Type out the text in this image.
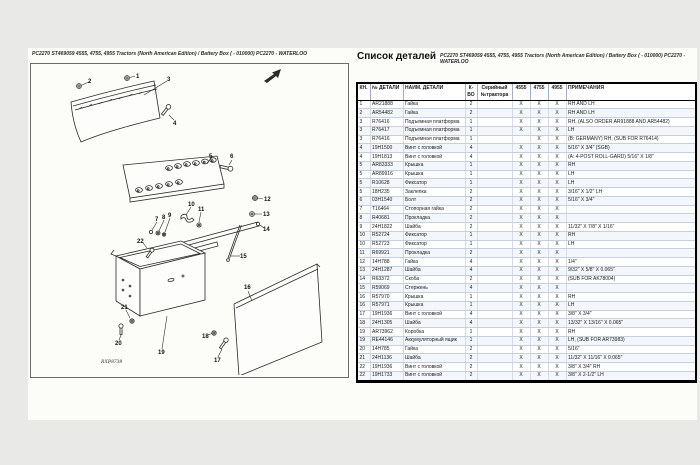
PC2270 ST469059 4555, 4755, 4955 Tractors (North American Edition) / Battery Box ( - 010000) PC2270 - WATERLOO
1
2	3
4
5	6
7 8 9
10
11
12
13
14
15
16
17
18
19
20
21
22
RXP8738
Список деталей PC2270 ST469059 4555, 4755, 4955 Tractors (North American Edition) / Battery Box ( - 010000) PC2270 - WATERLOO
КН.	№ ДЕТАЛИ	НАИМ. ДЕТАЛИ	К-ВО	Серийный №трактора	4555	4755	4955	ПРИМЕЧАНИЯ
1	AR21888	Гайка	2		X	X	X	RH AND LH
2	AR54482	Гайка	2		X	X	X	RH AND LH
3	R76416	Подъемная платформа	1		X	X	X	RH, (ALSO ORDER AR91888 AND AR54482)
3	R76417	Подъемная платформа	1		X	X	X	LH
3	R76416	Подъемная платформа	1			X	X	(B: GERMANY) RH, (SUB FOR R76414)
4	19H1500	Винт с головкой	4		X	X	X	5/16" X 3/4" (SGB)
4	19H1813	Винт с головкой	4		X	X	X	(A: 4-POST ROLL-GARD) 5/16" X 1/8"
5	AR83333	Крышка	1		X	X	X	RH
5	AR89916	Крышка	1		X	X	X	LH
5	R10628	Фиксатор	1		X	X	X	LH
5	18H235	Заклепка	2		X	X	X	3/16" X 1/2" LH
6	03H1540	Болт	2		X	X	X	5/16" X 3/4"
7	T16464	Стопорная гайка	2		X	X	X	
8	R40681	Прокладка	2		X	X	X	
9	24H1822	Шайба	2		X	X	X	11/32" X 7/8" X 1/16"
10	R52724	Фиксатор	1		X	X	X	RH
10	R52723	Фиксатор	1		X	X	X	LH
11	R69921	Прокладка	2		X	X	X	
12	14H788	Гайка	4		X	X	X	1/4"
13	24H1287	Шайба	4		X	X	X	9/32" X 5/8" X 0.065"
14	R63372	Скоба	2		X	X	X	(SUB FOR AK78004)
15	R59069	Стержень	4		X	X	X	
16	R57970	Крышка	1		X	X	X	RH
16	R57971	Крышка	1		X	X	X	LH
17	19H1936	Винт с головкой	4		X	X	X	3/8" X 3/4"
18	24H1305	Шайба	4		X	X	X	13/32" X 13/16" X 0.065"
19	AR73962	Коробка	1		X	X	X	RH
19	RE44146	Аккумуляторный ящик	1		X	X	X	LH, (SUB FOR AR73983)
20	14H785	Гайка	2		X	X	X	5/16"
21	24H1136	Шайба	2		X	X	X	11/32" X 11/16" X 0.065"
22	19H1936	Винт с головкой	2		X	X	X	3/8" X 3/4" RH
22	19H1733	Винт с головкой	2		X	X	X	3/8" X 2-1/2" LH
